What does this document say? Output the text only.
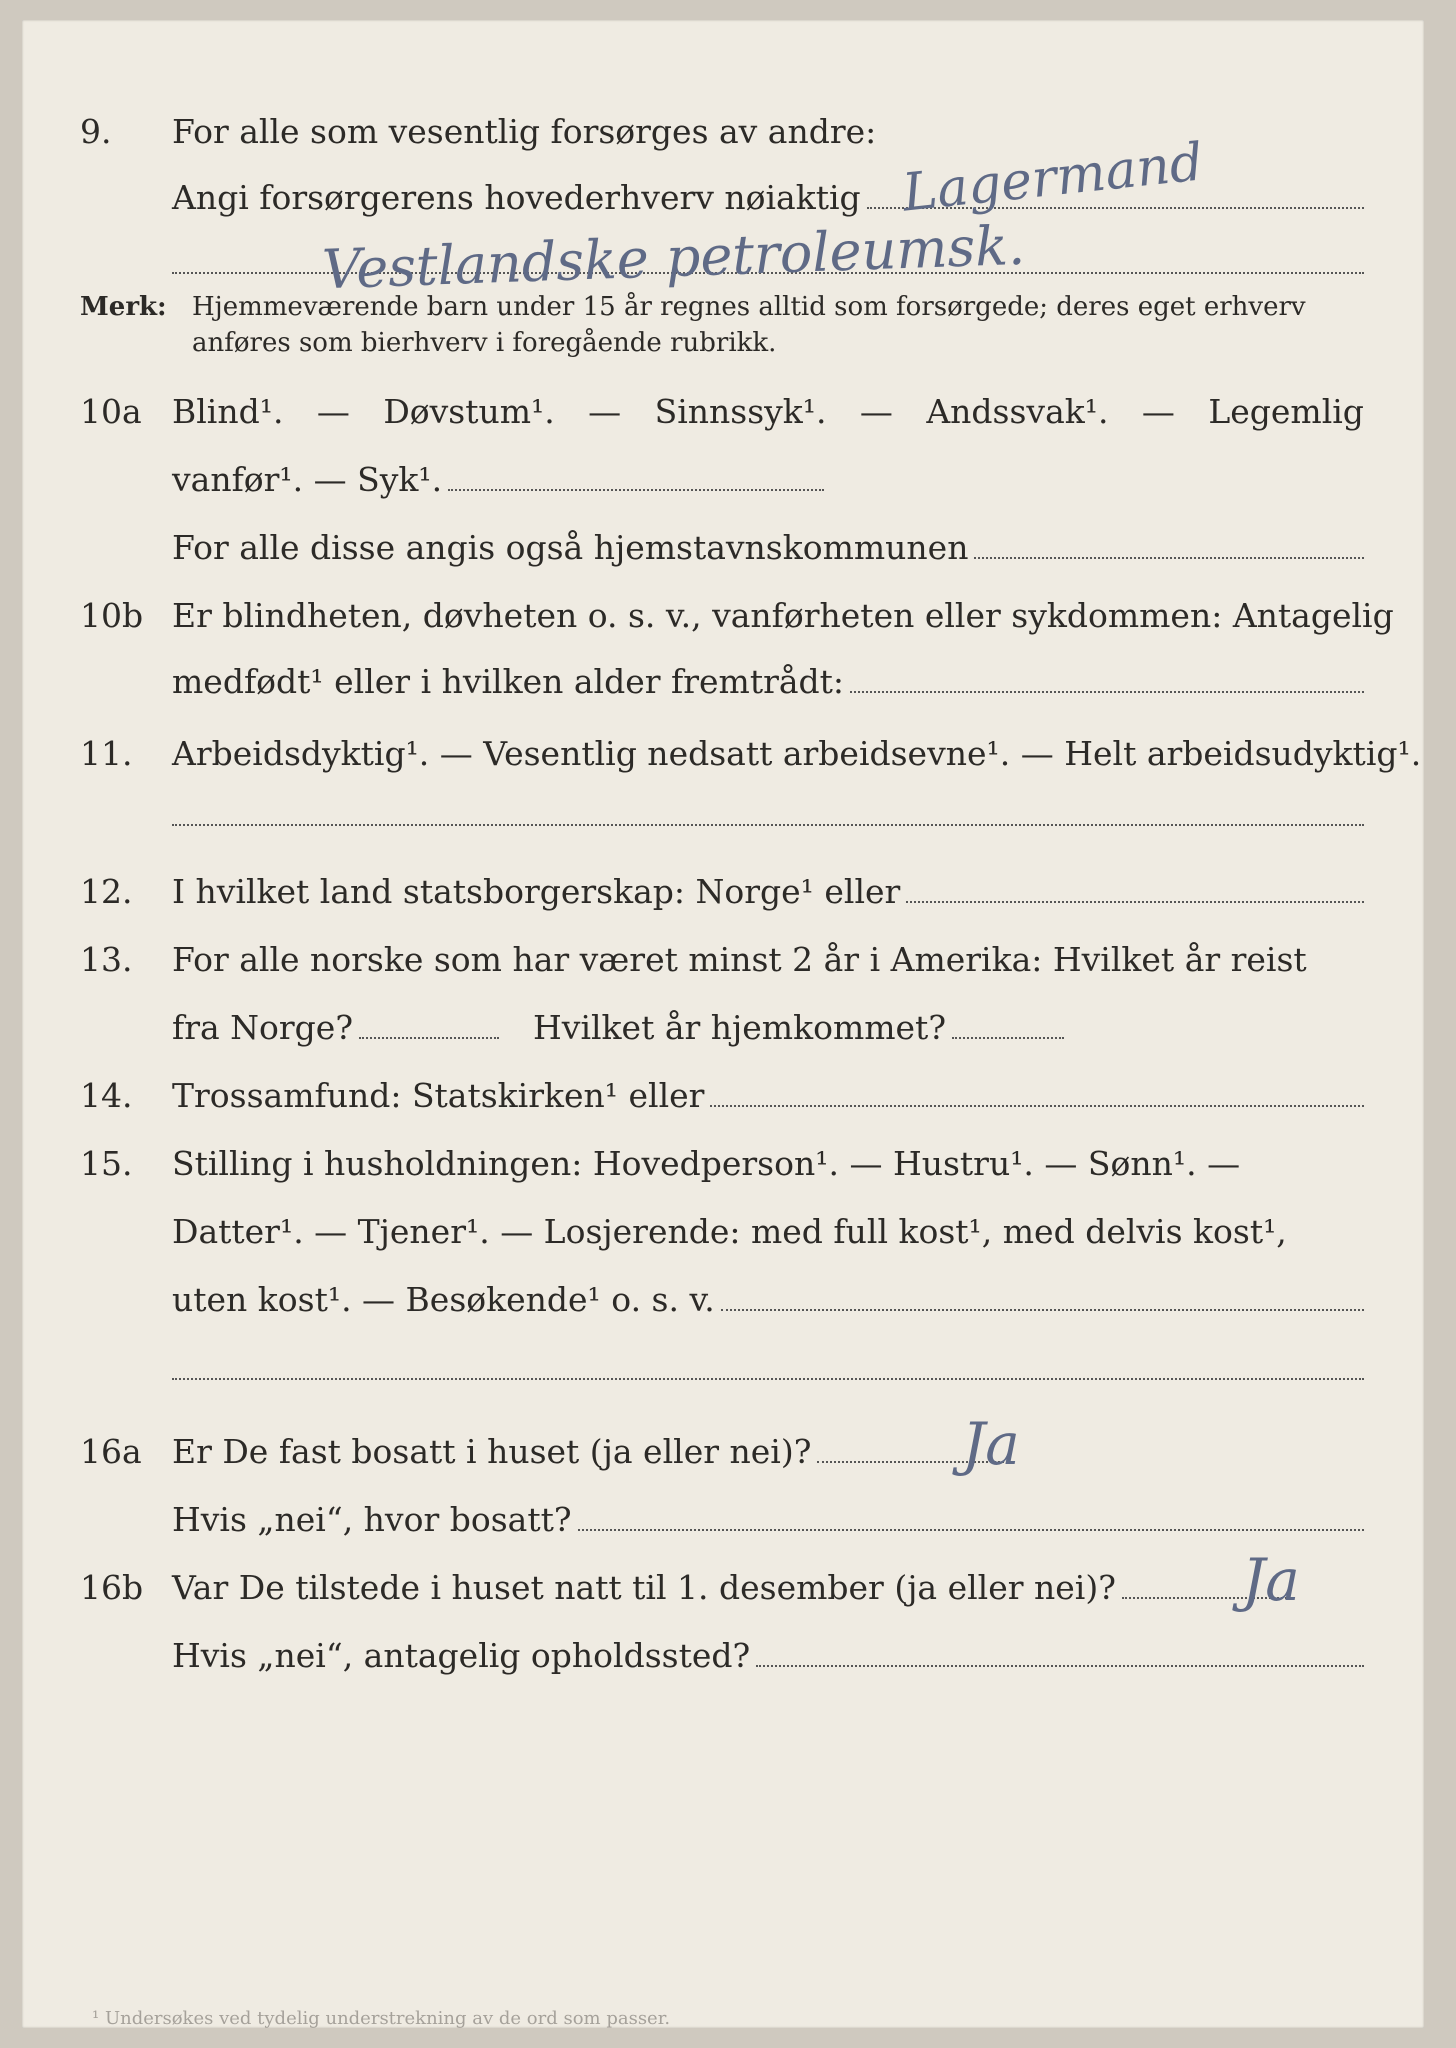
9. For alle som vesentlig forsørges av andre:
Angi forsørgerens hovederhverv nøiaktig Lagermand
Vestlandske petroleumsk.
Merk: Hjemmeværende barn under 15 år regnes alltid som forsørgede; deres eget erhverv
anføres som bierhverv i foregående rubrikk.
10a Blind¹. — Døvstum¹. — Sinnssyk¹. — Andssvak¹. — Legemlig
vanfør¹. — Syk¹.
For alle disse angis også hjemstavnskommunen
10b Er blindheten, døvheten o. s. v., vanførheten eller sykdommen: Antagelig
medfødt¹ eller i hvilken alder fremtrådt:
11. Arbeidsdyktig¹. — Vesentlig nedsatt arbeidsevne¹. — Helt arbeidsudyktig¹.
12. I hvilket land statsborgerskap: Norge¹ eller
13. For alle norske som har været minst 2 år i Amerika: Hvilket år reist
fra Norge?	Hvilket år hjemkommet?
14. Trossamfund: Statskirken¹ eller
15. Stilling i husholdningen: Hovedperson¹. — Hustru¹. — Sønn¹. —
Datter¹. — Tjener¹. — Losjerende: med full kost¹, med delvis kost¹,
uten kost¹. — Besøkende¹ o. s. v.
16a Er De fast bosatt i huset (ja eller nei)?	Ja
Hvis „nei“, hvor bosatt?
16b Var De tilstede i huset natt til 1. desember (ja eller nei)? Ja
Hvis „nei“, antagelig opholdssted?
¹ Undersøkes ved tydelig understrekning av de ord som passer.
